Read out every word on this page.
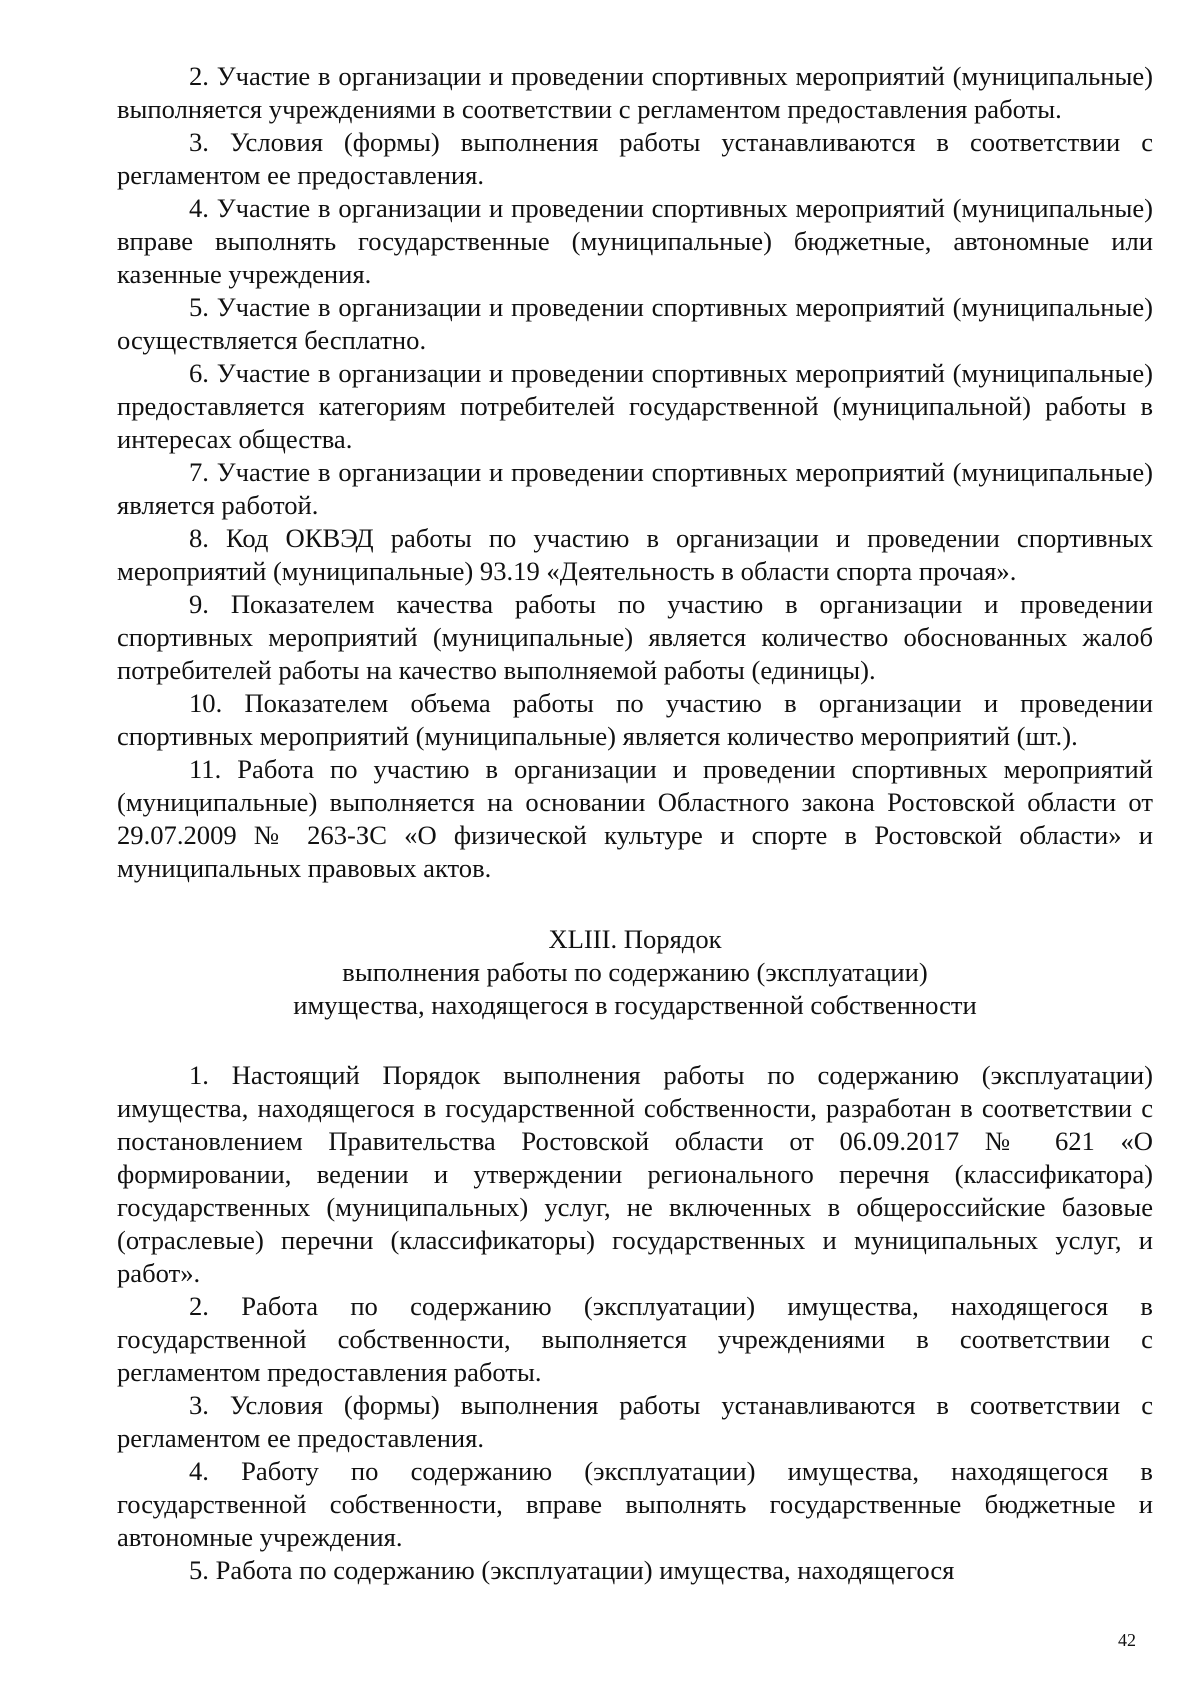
2. Участие в организации и проведении спортивных мероприятий (муниципальные) выполняется учреждениями в соответствии с регламентом предоставления работы.

3. Условия (формы) выполнения работы устанавливаются в соответствии с регламентом ее предоставления.

4. Участие в организации и проведении спортивных мероприятий (муниципальные) вправе выполнять государственные (муниципальные) бюджетные, автономные или казенные учреждения.

5. Участие в организации и проведении спортивных мероприятий (муниципальные) осуществляется бесплатно.

6. Участие в организации и проведении спортивных мероприятий (муниципальные) предоставляется категориям потребителей государственной (муниципальной) работы в интересах общества.

7. Участие в организации и проведении спортивных мероприятий (муниципальные) является работой.

8. Код ОКВЭД работы по участию в организации и проведении спортивных мероприятий (муниципальные) 93.19 «Деятельность в области спорта прочая».

9. Показателем качества работы по участию в организации и проведении спортивных мероприятий (муниципальные) является количество обоснованных жалоб потребителей работы на качество выполняемой работы (единицы).

10. Показателем объема работы по участию в организации и проведении спортивных мероприятий (муниципальные) является количество мероприятий (шт.).

11. Работа по участию в организации и проведении спортивных мероприятий (муниципальные) выполняется на основании Областного закона Ростовской области от 29.07.2009 № 263-ЗС «О физической культуре и спорте в Ростовской области» и муниципальных правовых актов.

XLIII. Порядок
выполнения работы по содержанию (эксплуатации)
имущества, находящегося в государственной собственности

1. Настоящий Порядок выполнения работы по содержанию (эксплуатации) имущества, находящегося в государственной собственности, разработан в соответствии с постановлением Правительства Ростовской области от 06.09.2017 № 621 «О формировании, ведении и утверждении регионального перечня (классификатора) государственных (муниципальных) услуг, не включенных в общероссийские базовые (отраслевые) перечни (классификаторы) государственных и муниципальных услуг, и работ».

2. Работа по содержанию (эксплуатации) имущества, находящегося в государственной собственности, выполняется учреждениями в соответствии с регламентом предоставления работы.

3. Условия (формы) выполнения работы устанавливаются в соответствии с регламентом ее предоставления.

4. Работу по содержанию (эксплуатации) имущества, находящегося в государственной собственности, вправе выполнять государственные бюджетные и автономные учреждения.

5. Работа по содержанию (эксплуатации) имущества, находящегося

42
